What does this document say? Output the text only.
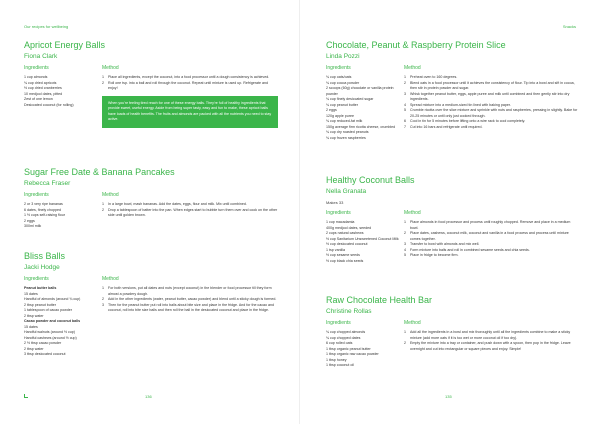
Our recipes for wellbeing
Apricot Energy Balls
Fiona Clark
Ingredients
1 cup almonds
¾ cup dried apricots
½ cup dried cranberries
10 medjool dates, pitted
Zest of one lemon
Desiccated coconut (for rolling)
Method
1	Place all ingredients, except the coconut, into a food processor until a dough consistency is achieved.
2	Roll one tsp. into a ball and roll through the coconut. Repeat until mixture is used up. Refrigerate and enjoy!
When you're feeling tired reach for one of these energy balls. They're full of healthy ingredients that provide sweet, useful energy. Aside from being super tasty, easy and fun to make, these apricot balls have loads of health benefits. The fruits and almonds are packed with all the nutrients you need to stay active.
Sugar Free Date & Banana Pancakes
Rebecca Fraser
Ingredients
2 or 3 very ripe bananas
6 dates, finely chopped
1 ½ cups self-raising flour
2 eggs
300ml milk
Method
1	In a large bowl, mash bananas. Add the dates, eggs, flour and milk. Mix until combined.
2	Drop a tablespoon of batter into the pan. When edges start to bubble turn them over and cook on the other side until golden brown.
Bliss Balls
Jacki Hodge
Ingredients
Peanut butter balls
15 dates
Handful of almonds (around ¾ cup)
2 tbsp peanut butter
1 tablespoon of cacao powder
2 tbsp water
Cacao powder and coconut balls
15 dates
Handful walnuts (around ½ cup)
Handful cashews (around ½ cup)
2 ½ tbsp cacao powder
2 tbsp water
3 tbsp desiccated coconut
Method
1	For both versions, put all dates and nuts (except coconut) in the blender or food processor till they form almost a powdery dough.
2	Add in the other ingredients (water, peanut butter, cacao powder) and blend until a sticky dough is formed.
3	Then for the peanut butter put roll into balls about bite size and place in the fridge. And for the cacao and coconut, roll into bite size balls and then roll the ball in the desiccated coconut and place in the fridge.
136
Snacks
Chocolate, Peanut & Raspberry Protein Slice
Linda Pozzi
Ingredients
¾ cup oats/oats
¾ cup cocoa powder
2 scoops (60g) chocolate or vanilla protein powder
¾ cup finely desiccated sugar
¾ cup peanut butter
2 eggs
120g apple puree
¾ cup reduced-fat milk
150g average firm ricotta cheese, crumbled
¾ cup dry roasted peanuts
¾ cup frozen raspberries
Method
1	Preheat oven to 160 degrees.
2	Blend oats in a food processor until it achieves the consistency of flour. Tip into a bowl and sift in cocoa, then stir in protein powder and sugar.
3	Whisk together peanut butter, eggs, apple puree and milk until combined and then gently stir into dry ingredients.
4	Spread mixture into a medium-sized tin lined with baking paper.
5	Crumble ricotta over the slice mixture and sprinkle with nuts and raspberries, pressing in slightly. Bake for 20-25 minutes or until only just cooked through.
6	Cool in tin for 5 minutes before lifting onto a wire rack to cool completely.
7	Cut into 16 bars and refrigerate until required.
Healthy Coconut Balls
Nella Granata
Makes 33
Ingredients
1 cup macadamia
400g medjool dates, seeded
2 cups natural cashews
½ cup Sanitarium Unsweetened Coconut Milk
½ cup desiccated coconut
1 tsp vanilla
½ cup sesame seeds
½ cup black chia seeds
Method
1	Place almonds in food processor and process until roughly chopped. Remove and place in a medium bowl.
2	Place dates, cashews, coconut milk, coconut and vanilla in a food process and process until mixture comes together.
3	Transfer to bowl with almonds and mix well.
4	Form mixture into balls and roll in combined sesame seeds and chia seeds.
5	Place in fridge to become firm.
Raw Chocolate Health Bar
Christine Rollas
Ingredients
¾ cup chopped almonds
¾ cup chopped dates
6 cup rolled oats
1 tbsp organic peanut butter
1 tbsp organic raw cacao powder
1 tbsp honey
1 tbsp coconut oil
Method
1	Add all the ingredients in a bowl and mix thoroughly until all the ingredients combine to make a sticky mixture (add more oats if it is too wet or more coconut oil if too dry).
2	Empty the mixture into a tray or container, and push down with a spoon, then pop in the fridge. Leave overnight and cut into rectangular or square pieces and enjoy. Simple!
135
